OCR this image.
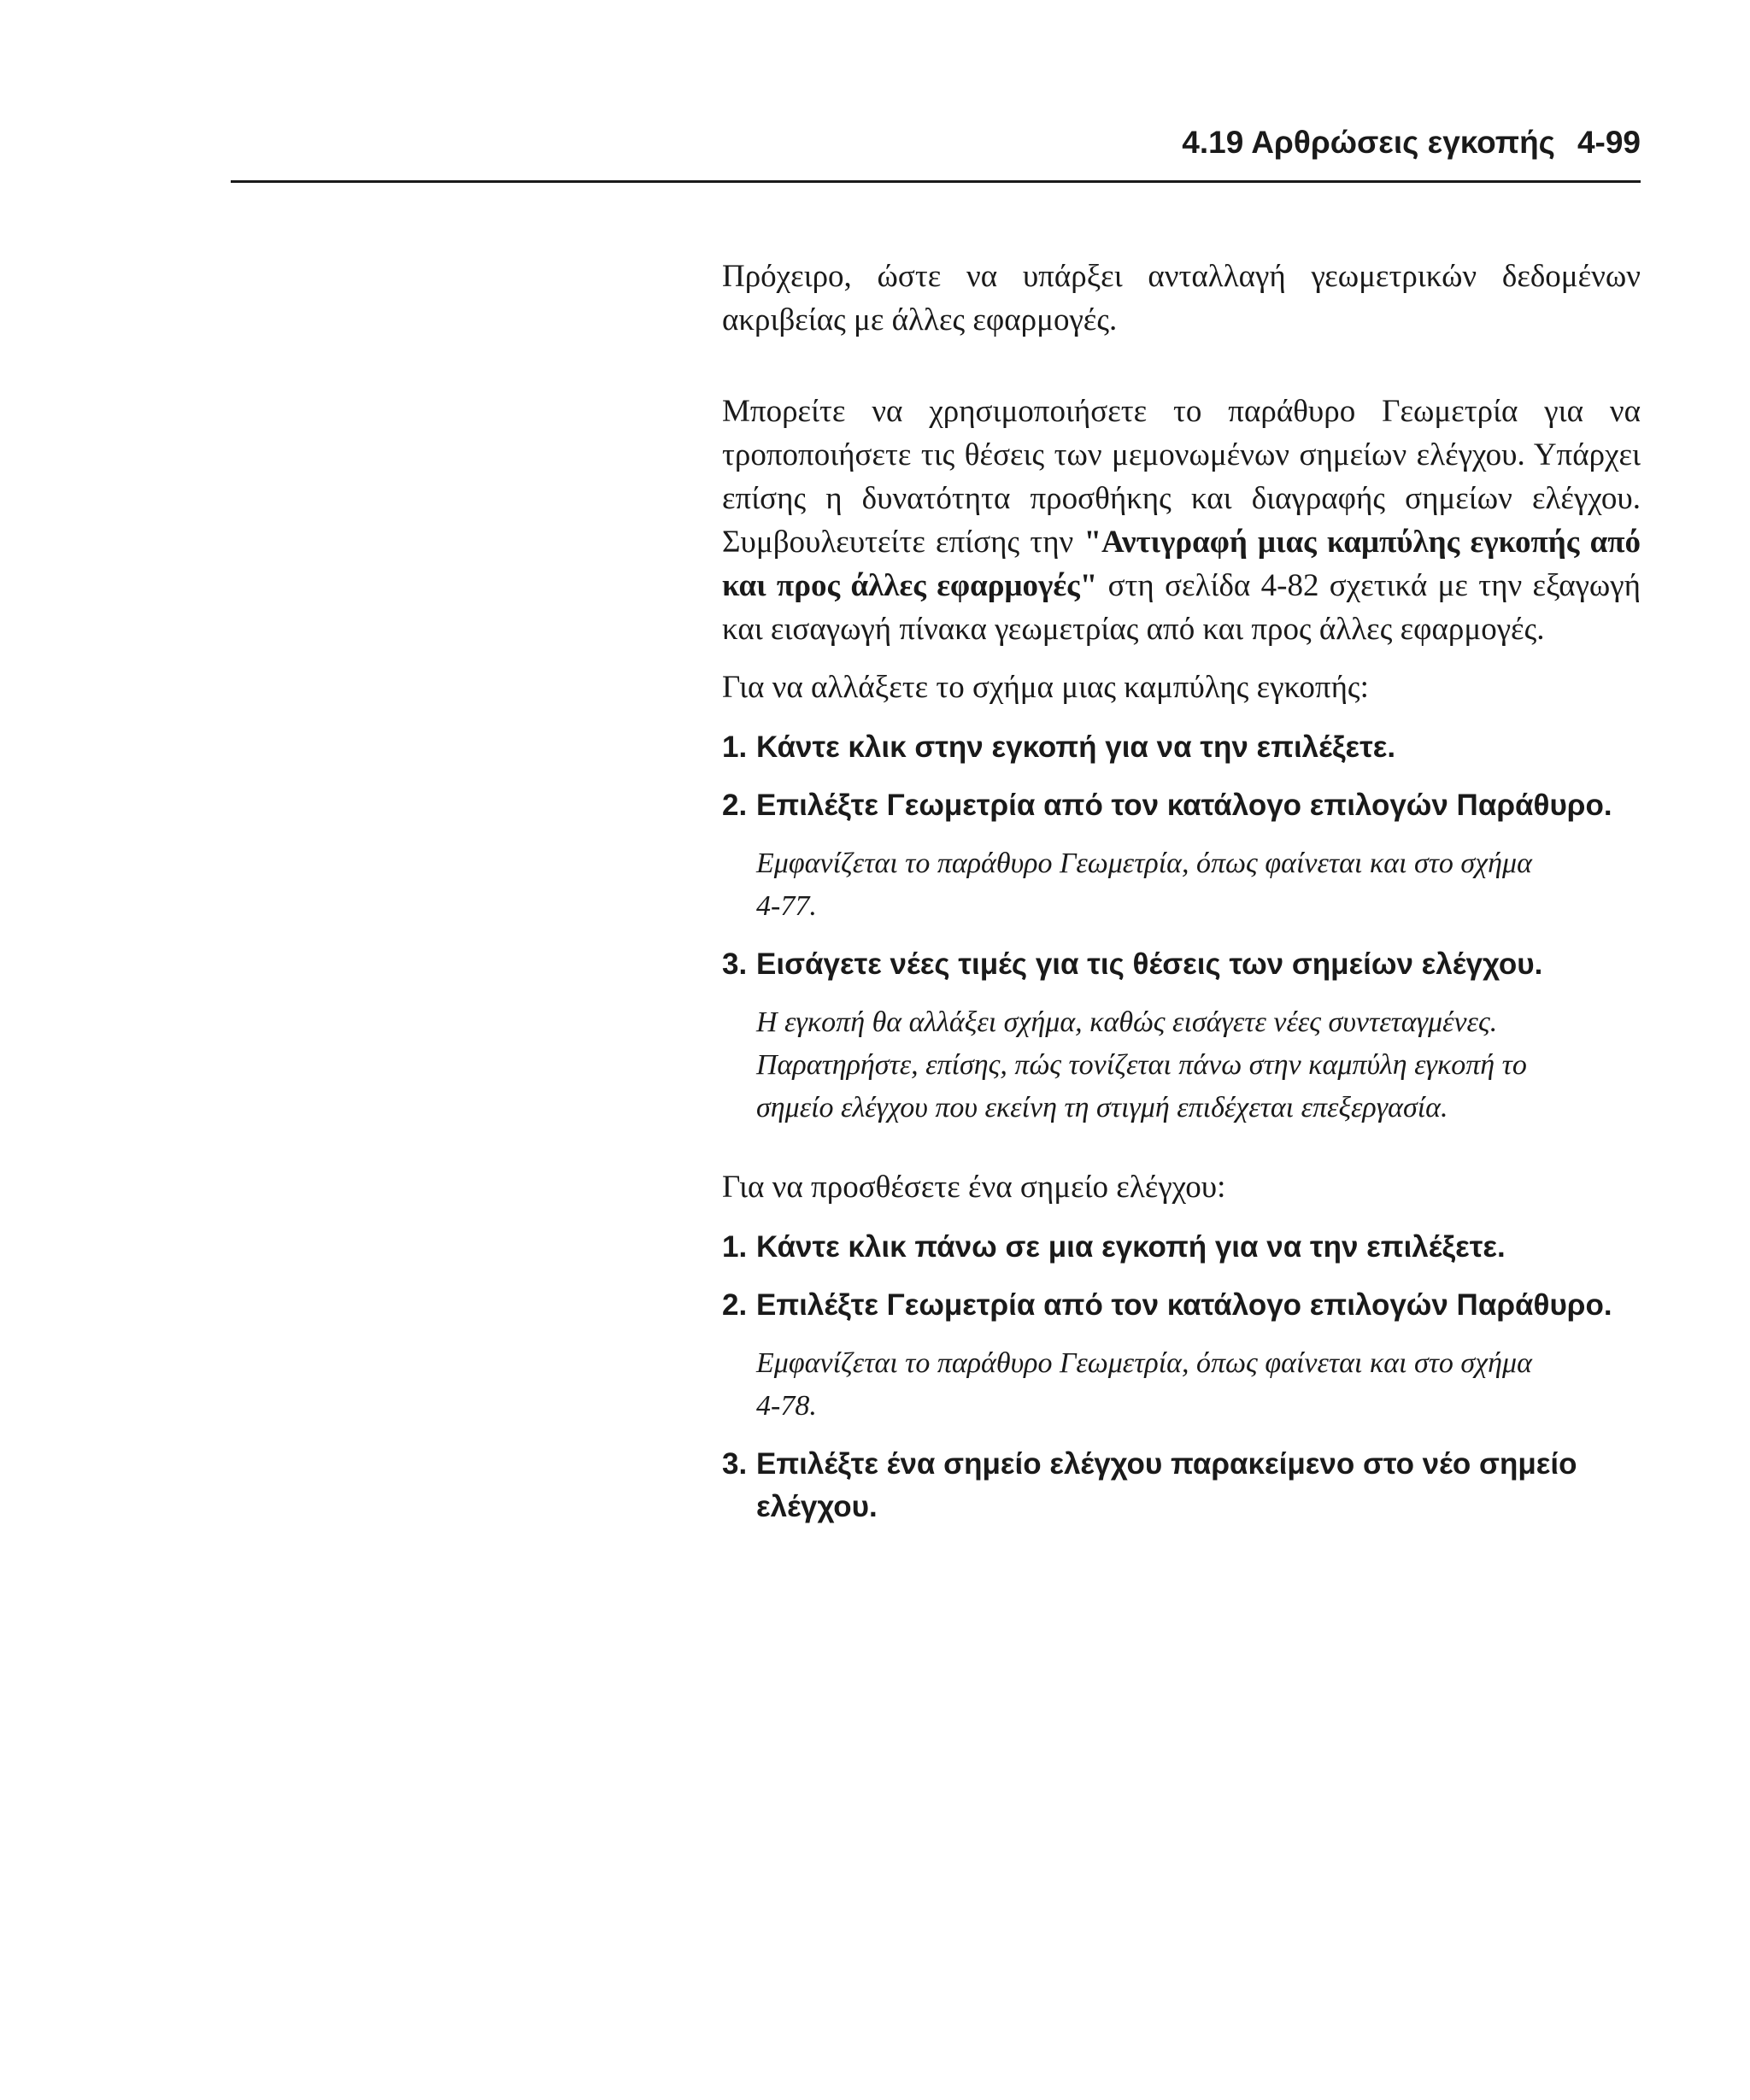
4.19 Αρθρώσεις εγκοπής 4-99

Πρόχειρο, ώστε να υπάρξει ανταλλαγή γεωμετρικών δεδομένων ακριβείας με άλλες εφαρμογές.

Μπορείτε να χρησιμοποιήσετε το παράθυρο Γεωμετρία για να τροποποιήσετε τις θέσεις των μεμονωμένων σημείων ελέγχου. Υπάρχει επίσης η δυνατότητα προσθήκης και διαγραφής σημείων ελέγχου. Συμβουλευτείτε επίσης την "Αντιγραφή μιας καμπύλης εγκοπής από και προς άλλες εφαρμογές" στη σελίδα 4-82 σχετικά με την εξαγωγή και εισαγωγή πίνακα γεωμετρίας από και προς άλλες εφαρμογές.

Για να αλλάξετε το σχήμα μιας καμπύλης εγκοπής:

1. Κάντε κλικ στην εγκοπή για να την επιλέξετε.
2. Επιλέξτε Γεωμετρία από τον κατάλογο επιλογών Παράθυρο.
Εμφανίζεται το παράθυρο Γεωμετρία, όπως φαίνεται και στο σχήμα
4-77.
3. Εισάγετε νέες τιμές για τις θέσεις των σημείων ελέγχου.
Η εγκοπή θα αλλάξει σχήμα, καθώς εισάγετε νέες συντεταγμένες.
Παρατηρήστε, επίσης, πώς τονίζεται πάνω στην καμπύλη εγκοπή το
σημείο ελέγχου που εκείνη τη στιγμή επιδέχεται επεξεργασία.

Για να προσθέσετε ένα σημείο ελέγχου:

1. Κάντε κλικ πάνω σε μια εγκοπή για να την επιλέξετε.
2. Επιλέξτε Γεωμετρία από τον κατάλογο επιλογών Παράθυρο.
Εμφανίζεται το παράθυρο Γεωμετρία, όπως φαίνεται και στο σχήμα
4-78.
3. Επιλέξτε ένα σημείο ελέγχου παρακείμενο στο νέο σημείο ελέγχου.
